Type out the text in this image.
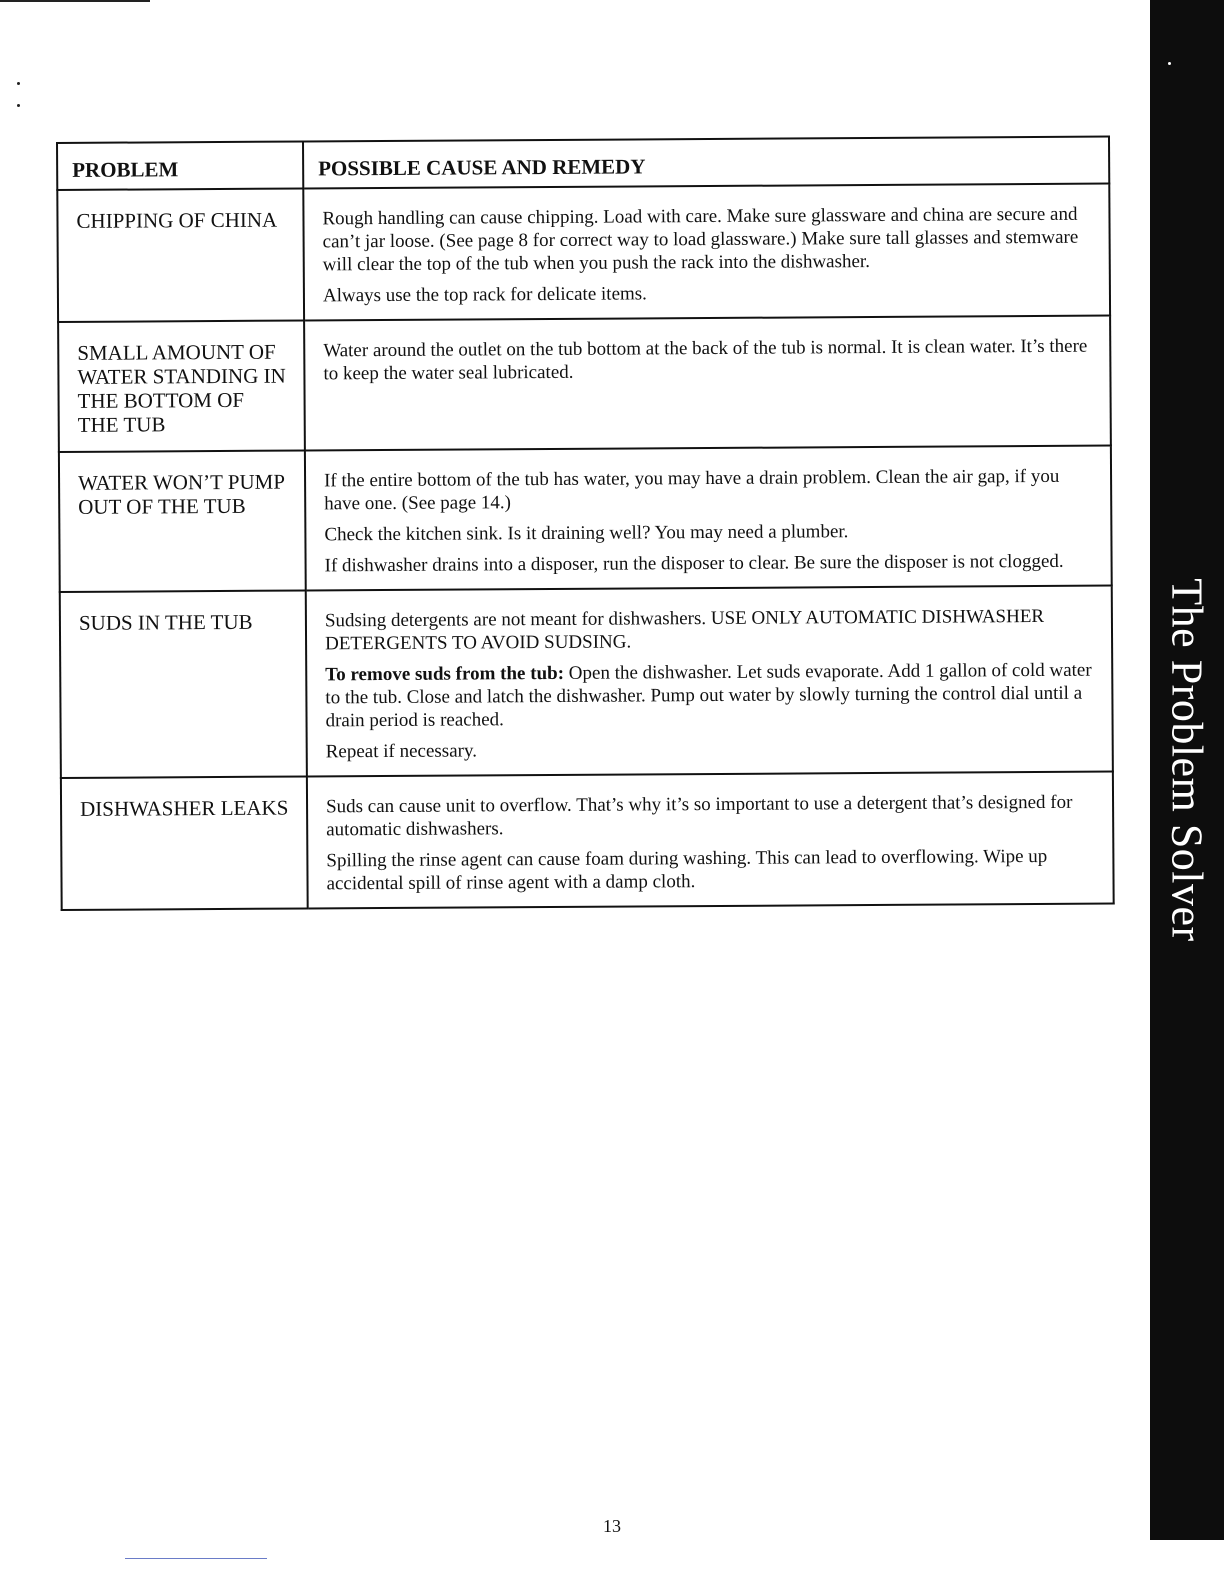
The Problem Solver
PROBLEM	POSSIBLE CAUSE AND REMEDY
CHIPPING OF CHINA	Rough handling can cause chipping. Load with care. Make sure glassware and china are secure and can’t jar loose. (See page 8 for correct way to load glassware.) Make sure tall glasses and stemware will clear the top of the tub when you push the rack into the dishwasher.

Always use the top rack for delicate items.

SMALL AMOUNT OF WATER STANDING IN THE BOTTOM OF THE TUB	Water around the outlet on the tub bottom at the back of the tub is normal. It is clean water. It’s there to keep the water seal lubricated.

WATER WON’T PUMP OUT OF THE TUB	If the entire bottom of the tub has water, you may have a drain problem. Clean the air gap, if you have one. (See page 14.)

Check the kitchen sink. Is it draining well? You may need a plumber.

If dishwasher drains into a disposer, run the disposer to clear. Be sure the disposer is not clogged.

SUDS IN THE TUB	Sudsing detergents are not meant for dishwashers. USE ONLY AUTOMATIC DISHWASHER DETERGENTS TO AVOID SUDSING.

To remove suds from the tub: Open the dishwasher. Let suds evaporate. Add 1 gallon of cold water to the tub. Close and latch the dishwasher. Pump out water by slowly turning the control dial until a drain period is reached.

Repeat if necessary.

DISHWASHER LEAKS	Suds can cause unit to overflow. That’s why it’s so important to use a detergent that’s designed for automatic dishwashers.

Spilling the rinse agent can cause foam during washing. This can lead to overflowing. Wipe up accidental spill of rinse agent with a damp cloth.

13
